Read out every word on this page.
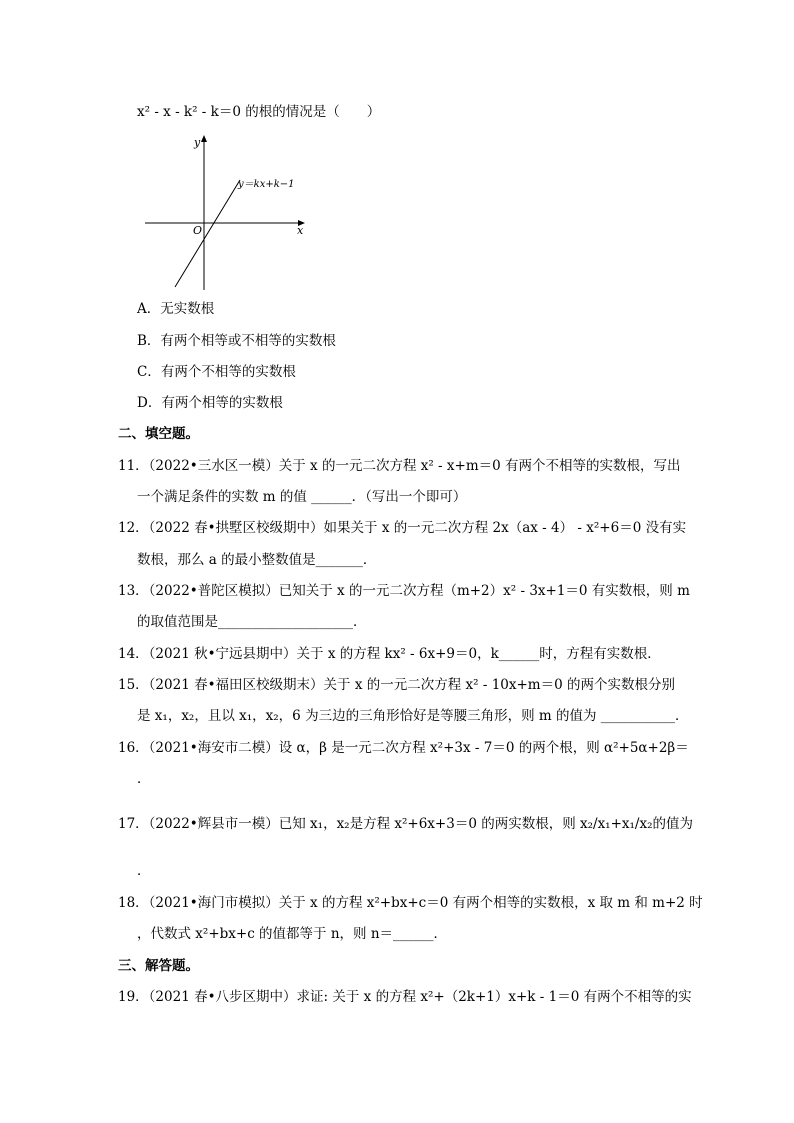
x² - x - k² - k＝0 的根的情况是（　　）
y
x
O
y＝kx+k−1
A．无实数根
B．有两个相等或不相等的实数根
C．有两个不相等的实数根
D．有两个相等的实数根
二、填空题。
11．（2022•三水区一模）关于 x 的一元二次方程 x² - x+m＝0 有两个不相等的实数根，写出
一个满足条件的实数 m 的值 ______．（写出一个即可）
12．（2022 春•拱墅区校级期中）如果关于 x 的一元二次方程 2x（ax - 4） - x²+6＝0 没有实
数根，那么 a 的最小整数值是_______．
13．（2022•普陀区模拟）已知关于 x 的一元二次方程（m+2）x² - 3x+1＝0 有实数根，则 m
的取值范围是____________________．
14．（2021 秋•宁远县期中）关于 x 的方程 kx² - 6x+9＝0，k______时，方程有实数根．
15．（2021 春•福田区校级期末）关于 x 的一元二次方程 x² - 10x+m＝0 的两个实数根分别
是 x₁，x₂，且以 x₁，x₂，6 为三边的三角形恰好是等腰三角形，则 m 的值为 ___________．
16．（2021•海安市二模）设 α，β 是一元二次方程 x²+3x - 7＝0 的两个根，则 α²+5α+2β＝
．
17．（2022•辉县市一模）已知 x₁，x₂是方程 x²+6x+3＝0 的两实数根，则 x₂/x₁+x₁/x₂的值为
．
18．（2021•海门市模拟）关于 x 的方程 x²+bx+c＝0 有两个相等的实数根，x 取 m 和 m+2 时
，代数式 x²+bx+c 的值都等于 n，则 n＝______．
三、解答题。
19．（2021 春•八步区期中）求证: 关于 x 的方程 x²+（2k+1）x+k - 1＝0 有两个不相等的实
